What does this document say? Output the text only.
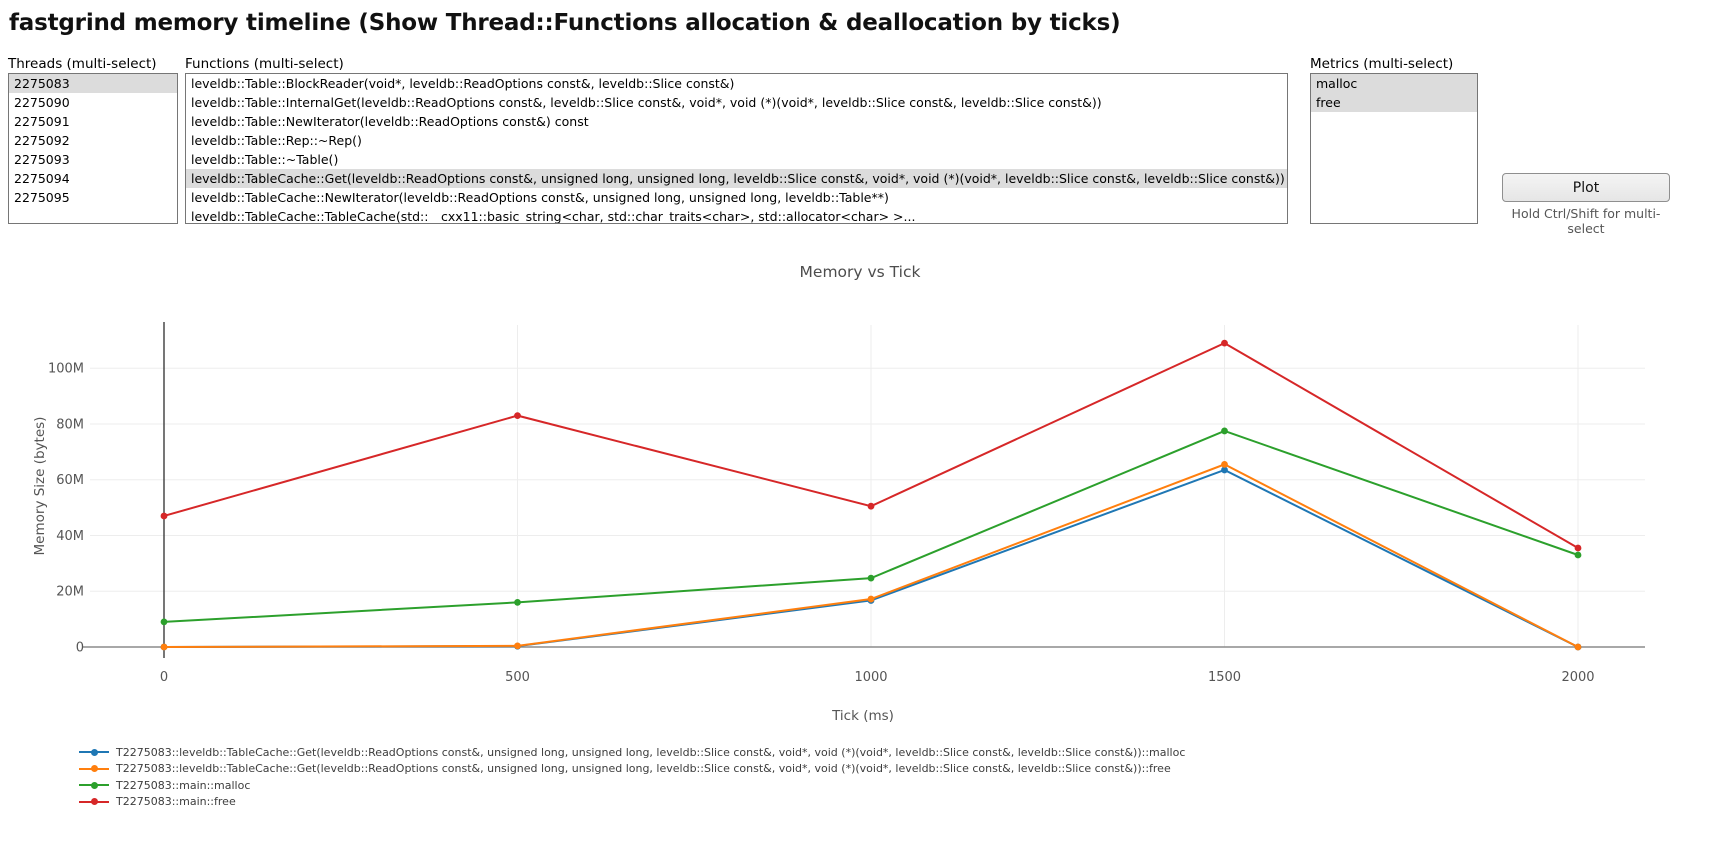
fastgrind memory timeline (Show Thread::Functions allocation & deallocation by ticks)
Threads (multi-select)
2275083
2275090
2275091
2275092
2275093
2275094
2275095
Functions (multi-select)
leveldb::Table::BlockReader(void*, leveldb::ReadOptions const&, leveldb::Slice const&)
leveldb::Table::InternalGet(leveldb::ReadOptions const&, leveldb::Slice const&, void*, void (*)(void*, leveldb::Slice const&, leveldb::Slice const&))
leveldb::Table::NewIterator(leveldb::ReadOptions const&) const
leveldb::Table::Rep::~Rep()
leveldb::Table::~Table()
leveldb::TableCache::Get(leveldb::ReadOptions const&, unsigned long, unsigned long, leveldb::Slice const&, void*, void (*)(void*, leveldb::Slice const&, leveldb::Slice const&))
leveldb::TableCache::NewIterator(leveldb::ReadOptions const&, unsigned long, unsigned long, leveldb::Table**)
leveldb::TableCache::TableCache(std::__cxx11::basic_string<char, std::char_traits<char>, std::allocator<char> >...
Metrics (multi-select)
malloc
free
Plot
Hold Ctrl/Shift for multi-select
0
20M
40M
60M
80M
100M
0	500	1000	1500	2000
Memory vs Tick
Tick (ms)
Memory Size (bytes)
T2275083::leveldb::TableCache::Get(leveldb::ReadOptions const&, unsigned long, unsigned long, leveldb::Slice const&, void*, void (*)(void*, leveldb::Slice const&, leveldb::Slice const&))::malloc
T2275083::leveldb::TableCache::Get(leveldb::ReadOptions const&, unsigned long, unsigned long, leveldb::Slice const&, void*, void (*)(void*, leveldb::Slice const&, leveldb::Slice const&))::free
T2275083::main::malloc
T2275083::main::free
